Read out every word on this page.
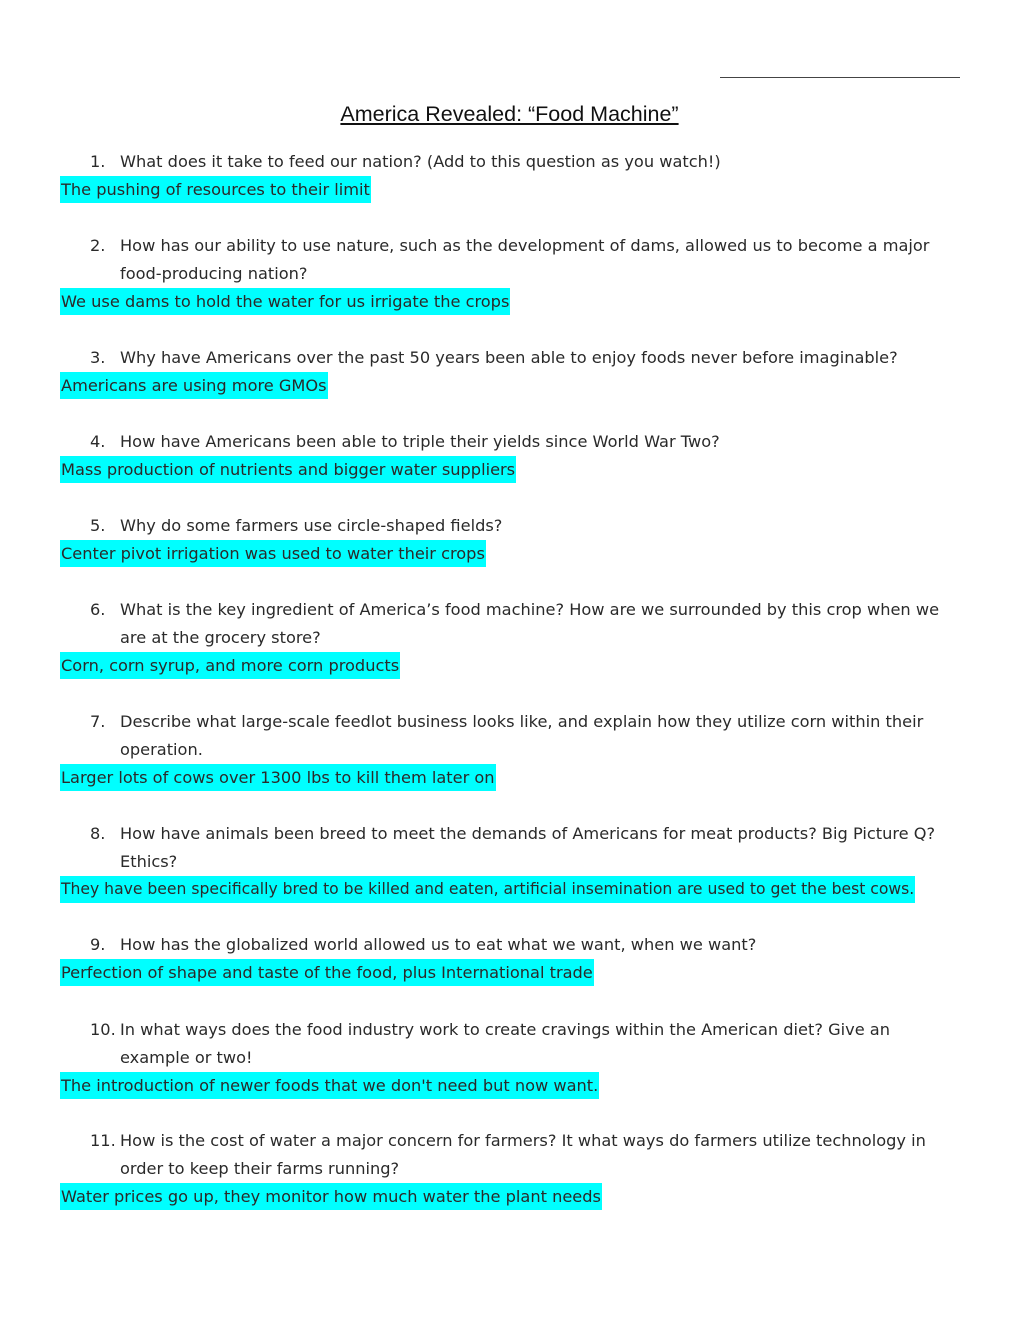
America Revealed: “Food Machine”
1. What does it take to feed our nation? (Add to this question as you watch!)
The pushing of resources to their limit
2. How has our ability to use nature, such as the development of dams, allowed us to become a major food-producing nation?
We use dams to hold the water for us irrigate the crops
3. Why have Americans over the past 50 years been able to enjoy foods never before imaginable?
Americans are using more GMOs
4. How have Americans been able to triple their yields since World War Two?
Mass production of nutrients and bigger water suppliers
5. Why do some farmers use circle-shaped fields?
Center pivot irrigation was used to water their crops
6. What is the key ingredient of America’s food machine? How are we surrounded by this crop when we are at the grocery store?
Corn, corn syrup, and more corn products
7. Describe what large-scale feedlot business looks like, and explain how they utilize corn within their operation.
Larger lots of cows over 1300 lbs to kill them later on
8. How have animals been breed to meet the demands of Americans for meat products? Big Picture Q? Ethics?
They have been specifically bred to be killed and eaten, artificial insemination are used to get the best cows.
9. How has the globalized world allowed us to eat what we want, when we want?
Perfection of shape and taste of the food, plus International trade
10. In what ways does the food industry work to create cravings within the American diet? Give an example or two!
The introduction of newer foods that we don't need but now want.
11. How is the cost of water a major concern for farmers? It what ways do farmers utilize technology in order to keep their farms running?
Water prices go up, they monitor how much water the plant needs
